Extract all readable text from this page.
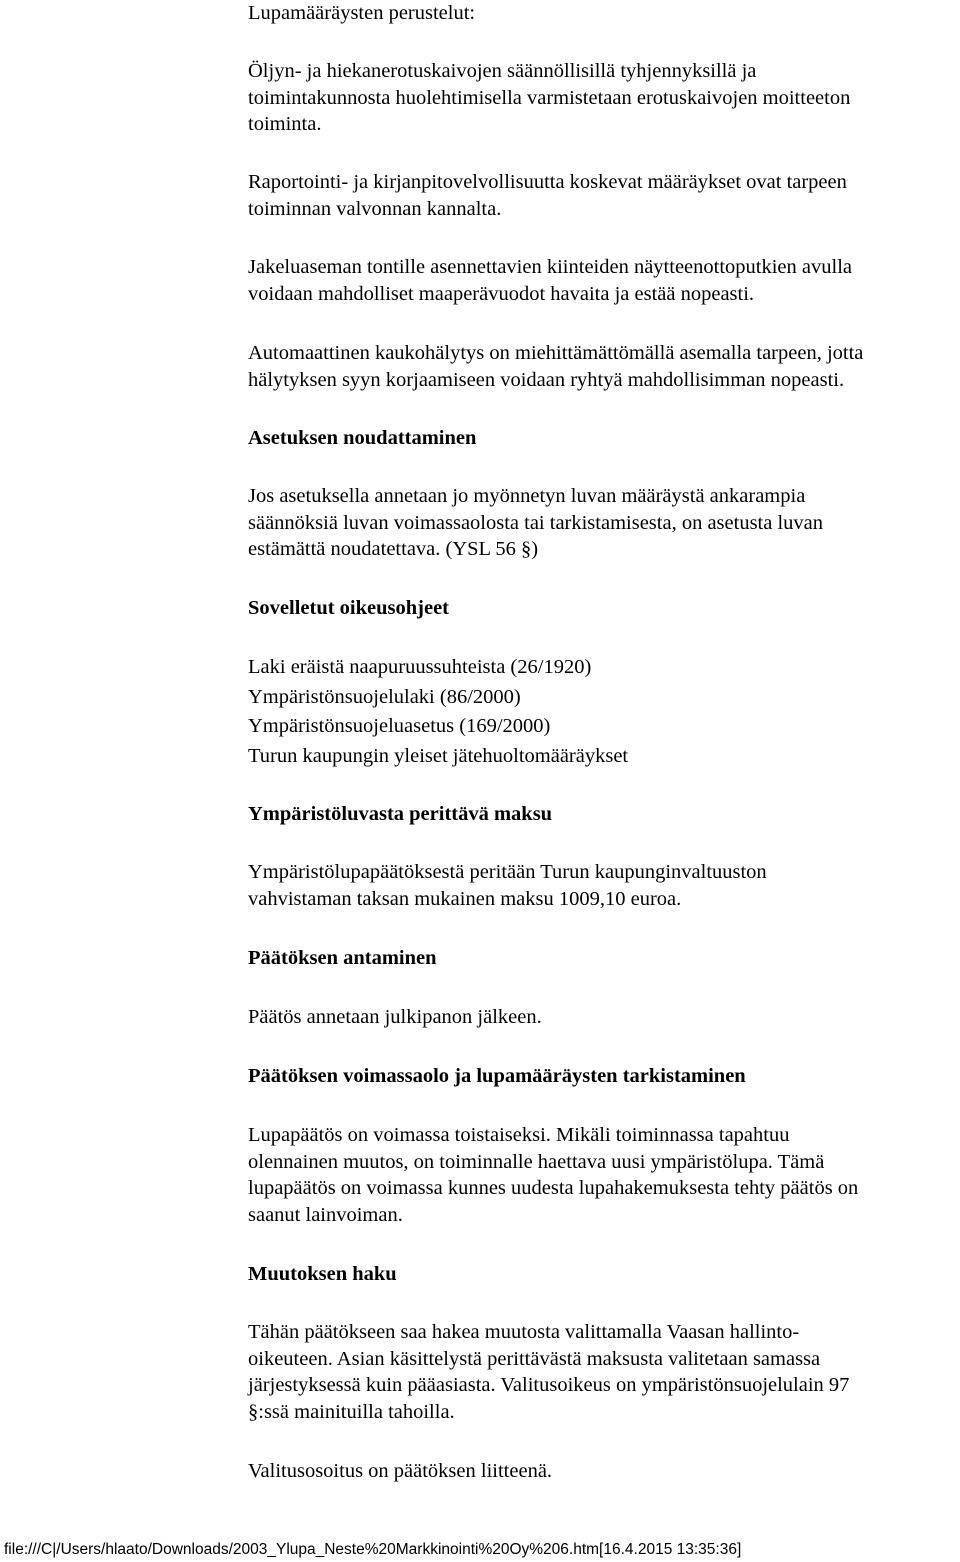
Lupamääräysten perustelut:
Öljyn- ja hiekanerotuskaivojen säännöllisillä tyhjennyksillä ja
toimintakunnosta huolehtimisella varmistetaan erotuskaivojen moitteeton
toiminta.
Raportointi- ja kirjanpitovelvollisuutta koskevat määräykset ovat tarpeen
toiminnan valvonnan kannalta.
Jakeluaseman tontille asennettavien kiinteiden näytteenottoputkien avulla
voidaan mahdolliset maaperävuodot havaita ja estää nopeasti.
Automaattinen kaukohälytys on miehittämättömällä asemalla tarpeen, jotta
hälytyksen syyn korjaamiseen voidaan ryhtyä mahdollisimman nopeasti.
Asetuksen noudattaminen
Jos asetuksella annetaan jo myönnetyn luvan määräystä ankarampia
säännöksiä luvan voimassaolosta tai tarkistamisesta, on asetusta luvan
estämättä noudatettava. (YSL 56 §)
Sovelletut oikeusohjeet
Laki eräistä naapuruussuhteista (26/1920)
Ympäristönsuojelulaki (86/2000)
Ympäristönsuojeluasetus (169/2000)
Turun kaupungin yleiset jätehuoltomääräykset
Ympäristöluvasta perittävä maksu
Ympäristölupapäätöksestä peritään Turun kaupunginvaltuuston
vahvistaman taksan mukainen maksu 1009,10 euroa.
Päätöksen antaminen
Päätös annetaan julkipanon jälkeen.
Päätöksen voimassaolo ja lupamääräysten tarkistaminen
Lupapäätös on voimassa toistaiseksi. Mikäli toiminnassa tapahtuu
olennainen muutos, on toiminnalle haettava uusi ympäristölupa. Tämä
lupapäätös on voimassa kunnes uudesta lupahakemuksesta tehty päätös on
saanut lainvoiman.
Muutoksen haku
Tähän päätökseen saa hakea muutosta valittamalla Vaasan hallinto-
oikeuteen. Asian käsittelystä perittävästä maksusta valitetaan samassa
järjestyksessä kuin pääasiasta. Valitusoikeus on ympäristönsuojelulain 97
§:ssä mainituilla tahoilla.
Valitusosoitus on päätöksen liitteenä.
file:///C|/Users/hlaato/Downloads/2003_Ylupa_Neste%20Markkinointi%20Oy%206.htm[16.4.2015 13:35:36]
